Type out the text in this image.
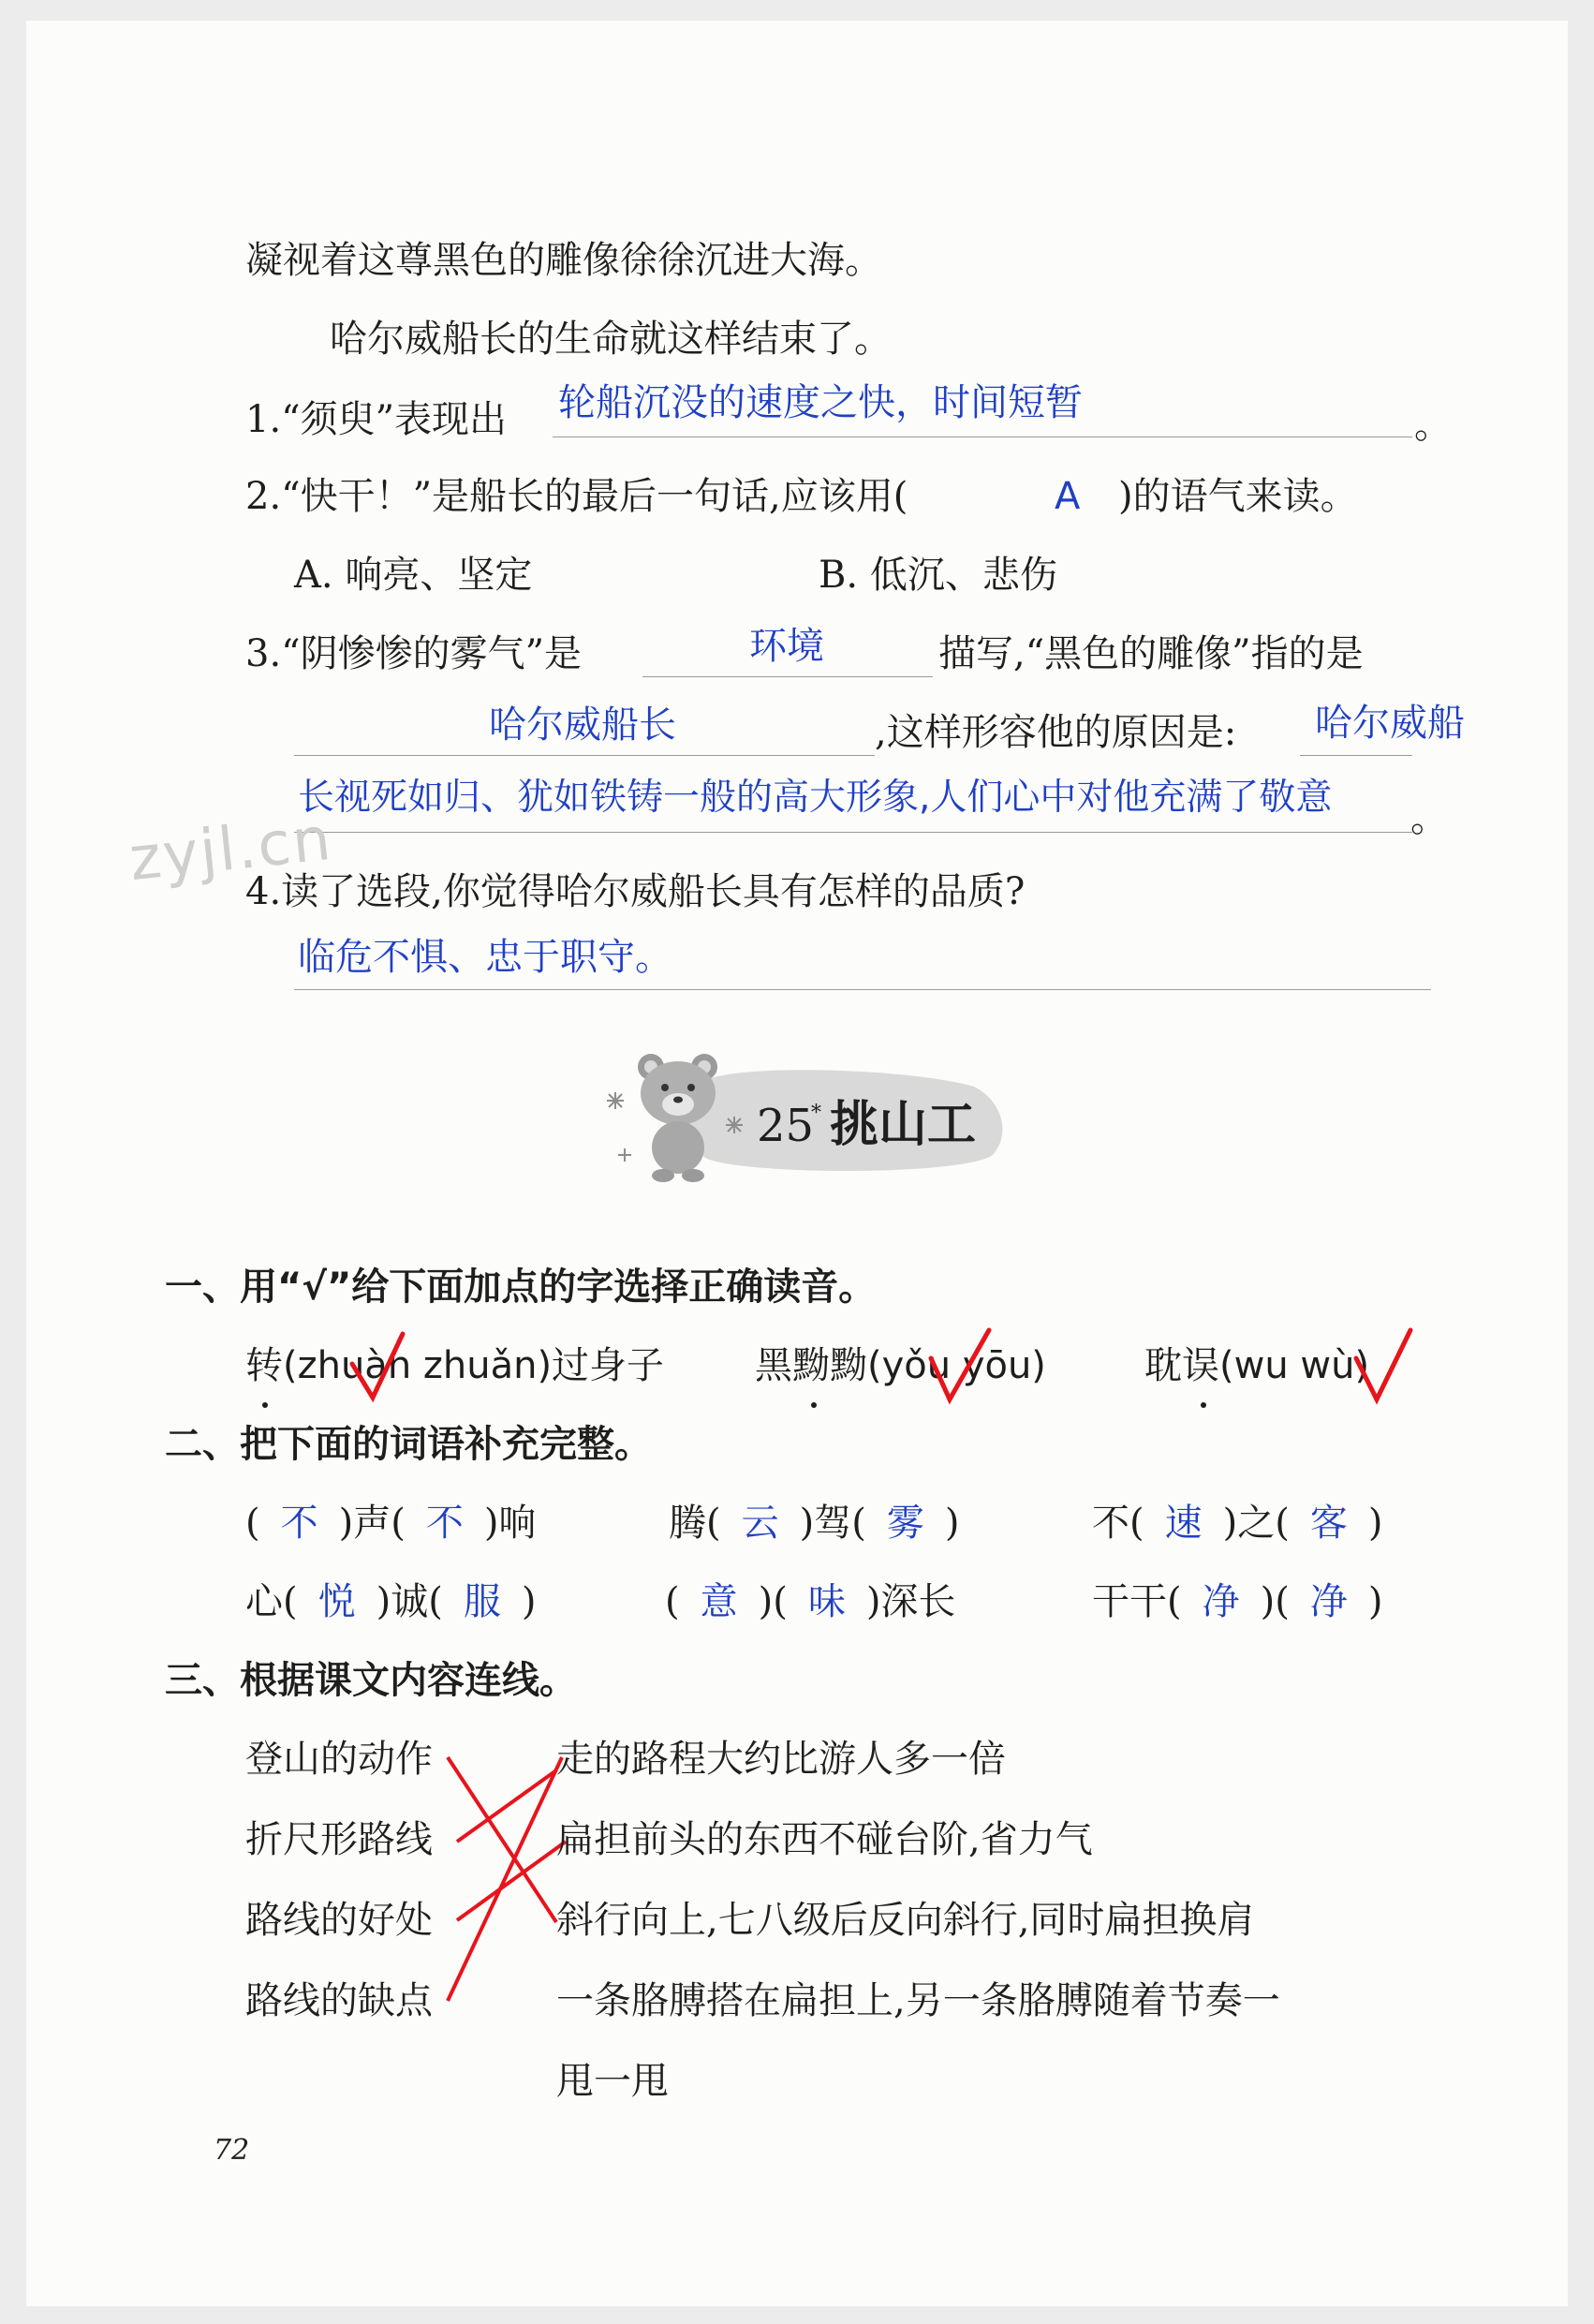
凝视着这尊黑色的雕像徐徐沉进大海。
哈尔威船长的生命就这样结束了。
1.“须臾”表现出 轮船沉没的速度之快，时间短暂
。
2.“快干！”是船长的最后一句话,应该用(	A )的语气来读。
A. 响亮、坚定	B. 低沉、悲伤
3.“阴惨惨的雾气”是	环境	描写,“黑色的雕像”指的是
哈尔威船长	,这样形容他的原因是: 哈尔威船
长视死如归、犹如铁铸一般的高大形象,人们心中对他充满了敬意 。
zyjl.cn
4.读了选段,你觉得哈尔威船长具有怎样的品质?
临危不惧、忠于职守。
25
* 挑山工
一、用“√”给下面加点的字选择正确读音。
转(zhuàn zhuǎn)过身子 黑黝黝(yǒu yōu)	耽误(wu wù)
二、把下面的词语补充完整。
( 不 )声( 不 )响	腾( 云 )驾( 雾 )	不( 速 )之( 客 )
心( 悦 )诚( 服 )	( 意 )( 味 )深长	干干( 净 )( 净 )
三、根据课文内容连线。
登山的动作
折尺形路线
路线的好处
路线的缺点
走的路程大约比游人多一倍
扁担前头的东西不碰台阶,省力气
斜行向上,七八级后反向斜行,同时扁担换肩
一条胳膊搭在扁担上,另一条胳膊随着节奏一
甩一甩
72
